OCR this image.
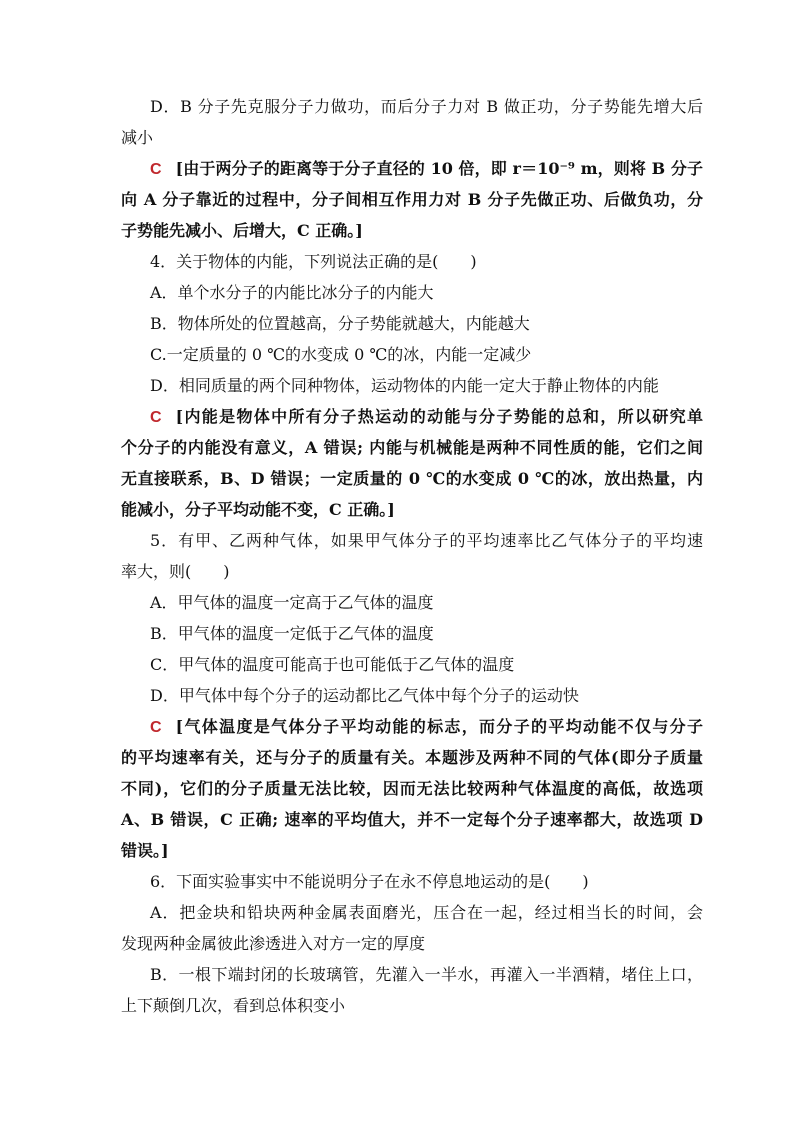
D．B 分子先克服分子力做功，而后分子力对 B 做正功，分子势能先增大后
减小
C [由于两分子的距离等于分子直径的 10 倍，即 r＝10⁻⁹ m，则将 B 分子
向 A 分子靠近的过程中，分子间相互作用力对 B 分子先做正功、后做负功，分
子势能先减小、后增大，C 正确。]
4．关于物体的内能，下列说法正确的是(　　)
A．单个水分子的内能比冰分子的内能大
B．物体所处的位置越高，分子势能就越大，内能越大
C.一定质量的 0 ℃的水变成 0 ℃的冰，内能一定减少
D．相同质量的两个同种物体，运动物体的内能一定大于静止物体的内能
C [内能是物体中所有分子热运动的动能与分子势能的总和，所以研究单
个分子的内能没有意义，A 错误; 内能与机械能是两种不同性质的能，它们之间
无直接联系，B、D 错误；一定质量的 0 ℃的水变成 0 ℃的冰，放出热量，内
能减小，分子平均动能不变，C 正确。]
5．有甲、乙两种气体，如果甲气体分子的平均速率比乙气体分子的平均速
率大，则(　　)
A．甲气体的温度一定高于乙气体的温度
B．甲气体的温度一定低于乙气体的温度
C．甲气体的温度可能高于也可能低于乙气体的温度
D．甲气体中每个分子的运动都比乙气体中每个分子的运动快
C [气体温度是气体分子平均动能的标志，而分子的平均动能不仅与分子
的平均速率有关，还与分子的质量有关。本题涉及两种不同的气体(即分子质量
不同)，它们的分子质量无法比较，因而无法比较两种气体温度的高低，故选项
A、B 错误，C 正确; 速率的平均值大，并不一定每个分子速率都大，故选项 D
错误。]
6．下面实验事实中不能说明分子在永不停息地运动的是(　　)
A．把金块和铅块两种金属表面磨光，压合在一起，经过相当长的时间，会
发现两种金属彼此渗透进入对方一定的厚度
B．一根下端封闭的长玻璃管，先灌入一半水，再灌入一半酒精，堵住上口，
上下颠倒几次，看到总体积变小
